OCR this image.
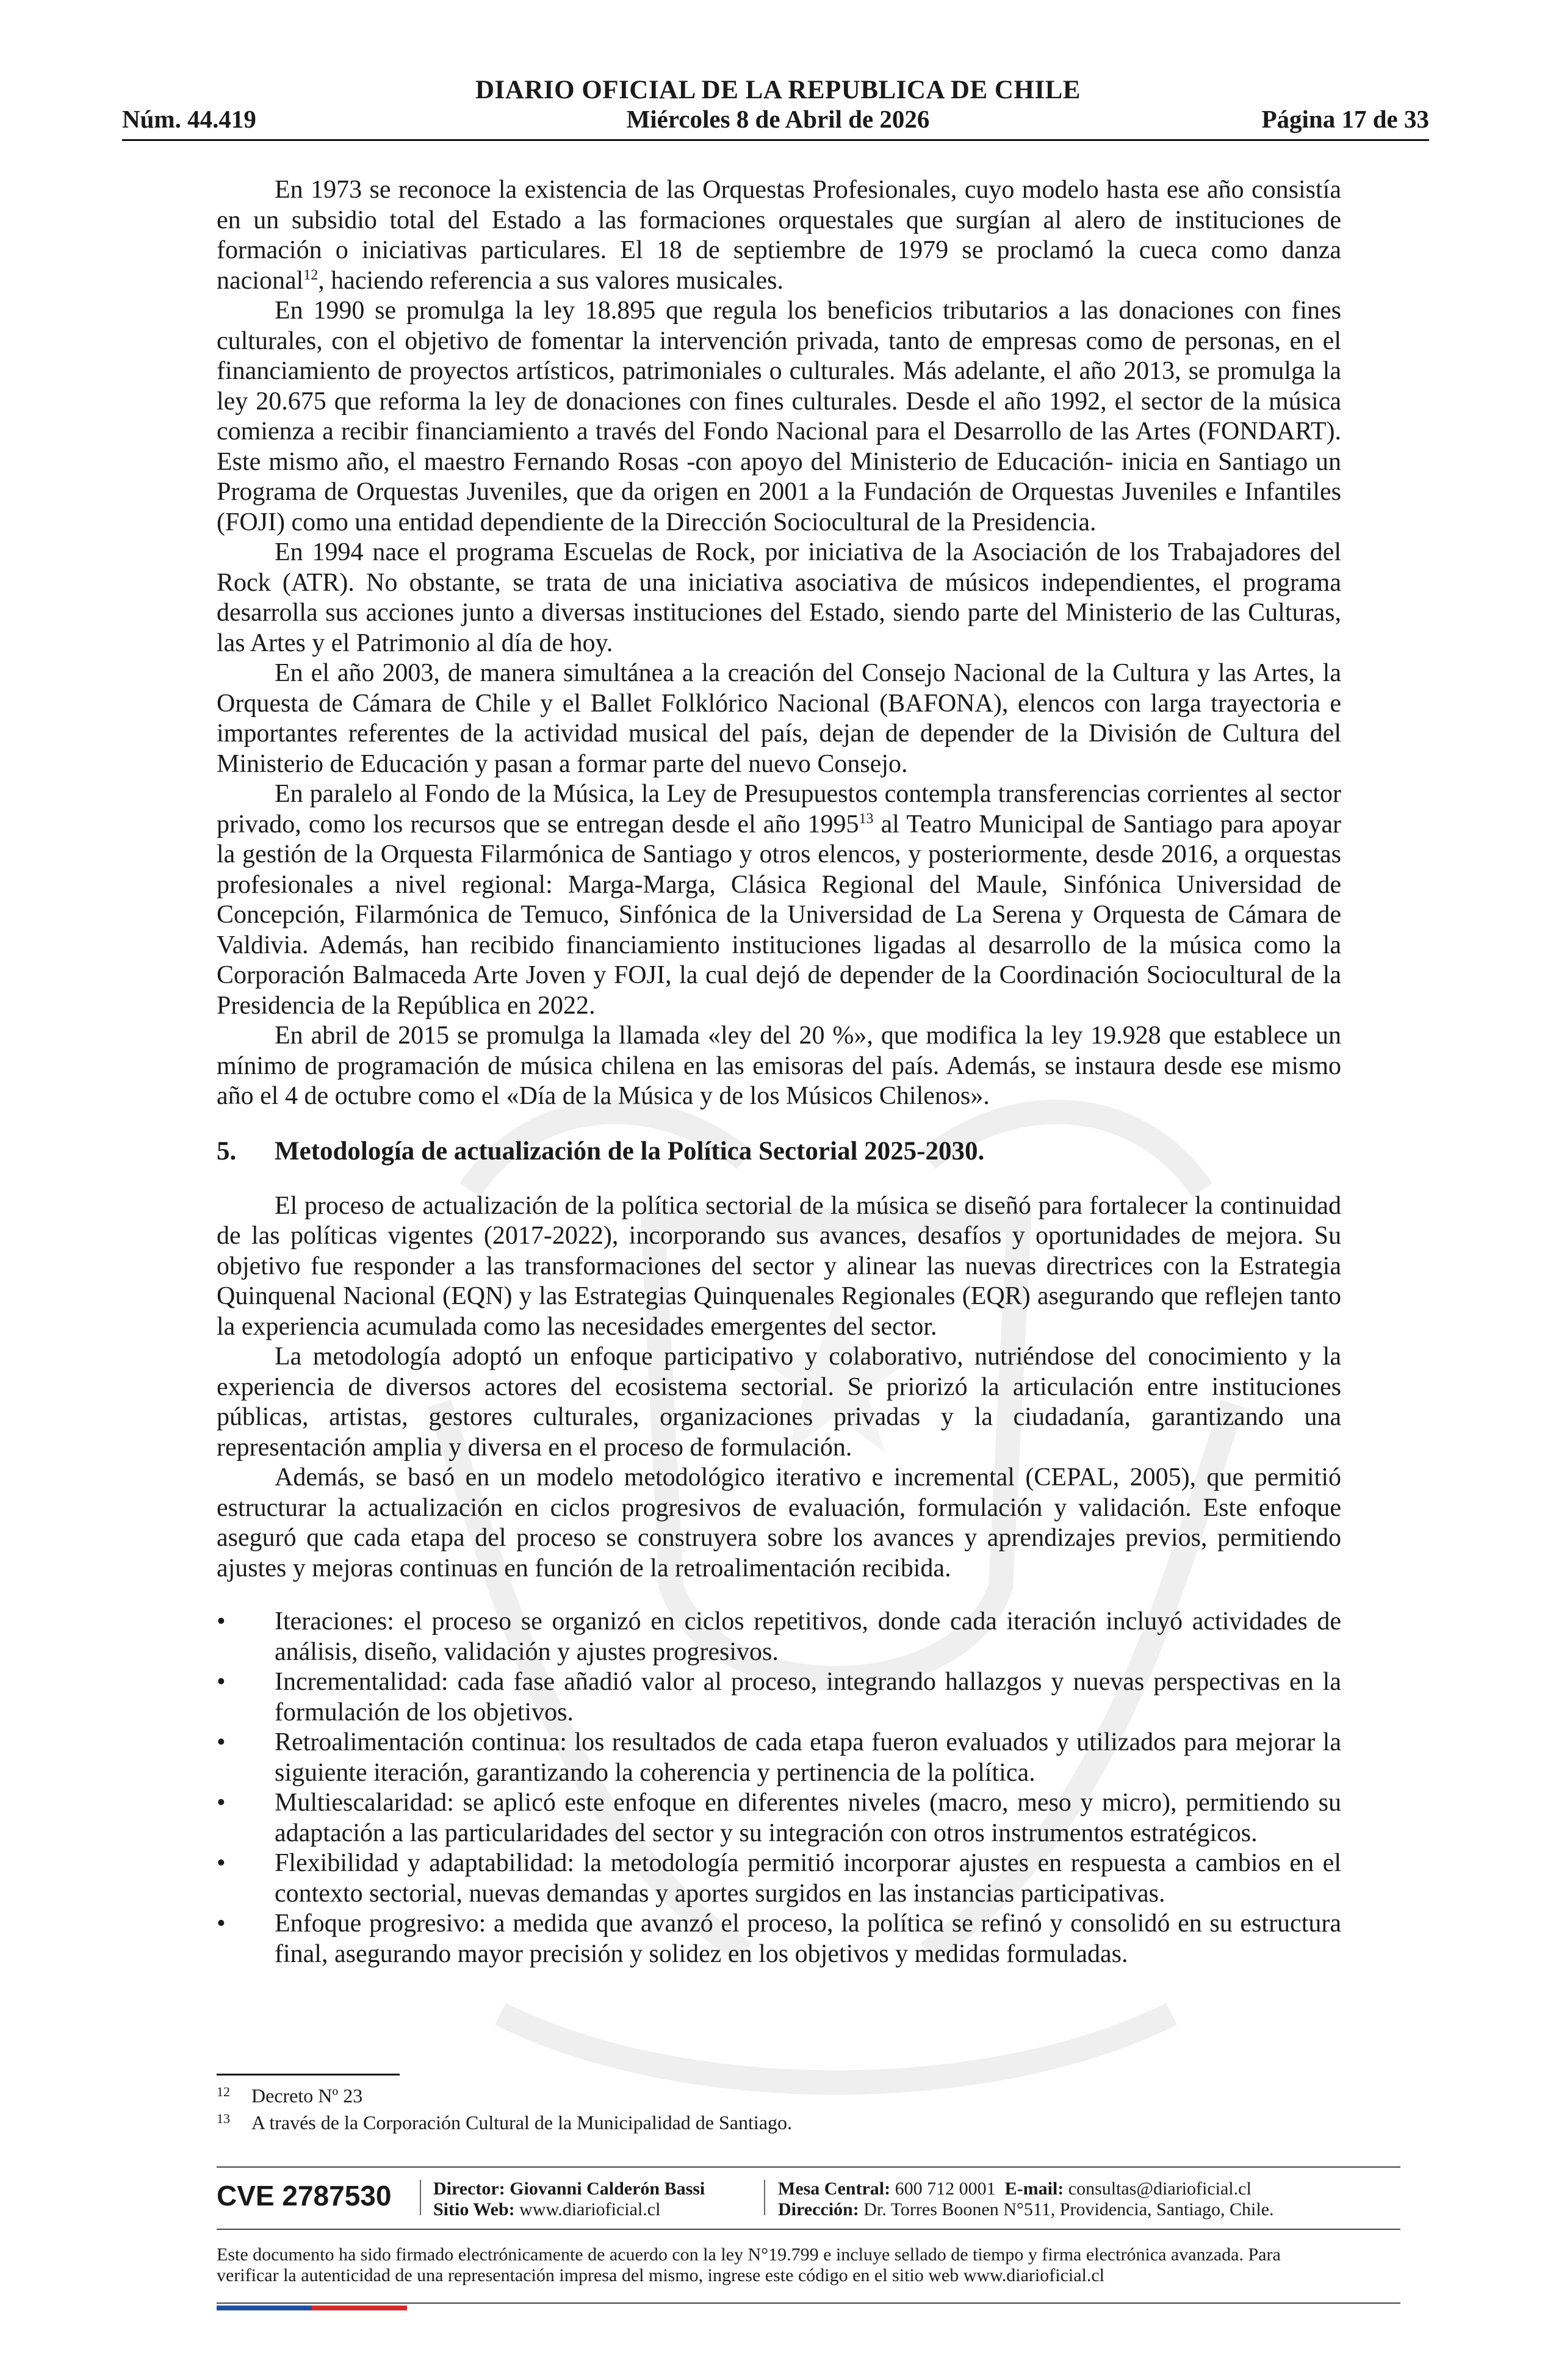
DIARIO OFICIAL DE LA REPUBLICA DE CHILE
Núm. 44.419	Miércoles 8 de Abril de 2026	Página 17 de 33

En 1973 se reconoce la existencia de las Orquestas Profesionales, cuyo modelo hasta ese año consistía en un subsidio total del Estado a las formaciones orquestales que surgían al alero de instituciones de formación o iniciativas particulares. El 18 de septiembre de 1979 se proclamó la cueca como danza nacional$^{12}$, haciendo referencia a sus valores musicales.

En 1990 se promulga la ley 18.895 que regula los beneficios tributarios a las donaciones con fines culturales, con el objetivo de fomentar la intervención privada, tanto de empresas como de personas, en el financiamiento de proyectos artísticos, patrimoniales o culturales. Más adelante, el año 2013, se promulga la ley 20.675 que reforma la ley de donaciones con fines culturales. Desde el año 1992, el sector de la música comienza a recibir financiamiento a través del Fondo Nacional para el Desarrollo de las Artes (FONDART). Este mismo año, el maestro Fernando Rosas -con apoyo del Ministerio de Educación- inicia en Santiago un Programa de Orquestas Juveniles, que da origen en 2001 a la Fundación de Orquestas Juveniles e Infantiles (FOJI) como una entidad dependiente de la Dirección Sociocultural de la Presidencia.

En 1994 nace el programa Escuelas de Rock, por iniciativa de la Asociación de los Trabajadores del Rock (ATR). No obstante, se trata de una iniciativa asociativa de músicos independientes, el programa desarrolla sus acciones junto a diversas instituciones del Estado, siendo parte del Ministerio de las Culturas, las Artes y el Patrimonio al día de hoy.

En el año 2003, de manera simultánea a la creación del Consejo Nacional de la Cultura y las Artes, la Orquesta de Cámara de Chile y el Ballet Folklórico Nacional (BAFONA), elencos con larga trayectoria e importantes referentes de la actividad musical del país, dejan de depender de la División de Cultura del Ministerio de Educación y pasan a formar parte del nuevo Consejo.

En paralelo al Fondo de la Música, la Ley de Presupuestos contempla transferencias corrientes al sector privado, como los recursos que se entregan desde el año 1995$^{13}$ al Teatro Municipal de Santiago para apoyar la gestión de la Orquesta Filarmónica de Santiago y otros elencos, y posteriormente, desde 2016, a orquestas profesionales a nivel regional: Marga-Marga, Clásica Regional del Maule, Sinfónica Universidad de Concepción, Filarmónica de Temuco, Sinfónica de la Universidad de La Serena y Orquesta de Cámara de Valdivia. Además, han recibido financiamiento instituciones ligadas al desarrollo de la música como la Corporación Balmaceda Arte Joven y FOJI, la cual dejó de depender de la Coordinación Sociocultural de la Presidencia de la República en 2022.

En abril de 2015 se promulga la llamada «ley del 20 %», que modifica la ley 19.928 que establece un mínimo de programación de música chilena en las emisoras del país. Además, se instaura desde ese mismo año el 4 de octubre como el «Día de la Música y de los Músicos Chilenos».

5. Metodología de actualización de la Política Sectorial 2025-2030.

El proceso de actualización de la política sectorial de la música se diseñó para fortalecer la continuidad de las políticas vigentes (2017-2022), incorporando sus avances, desafíos y oportunidades de mejora. Su objetivo fue responder a las transformaciones del sector y alinear las nuevas directrices con la Estrategia Quinquenal Nacional (EQN) y las Estrategias Quinquenales Regionales (EQR) asegurando que reflejen tanto la experiencia acumulada como las necesidades emergentes del sector.

La metodología adoptó un enfoque participativo y colaborativo, nutriéndose del conocimiento y la experiencia de diversos actores del ecosistema sectorial. Se priorizó la articulación entre instituciones públicas, artistas, gestores culturales, organizaciones privadas y la ciudadanía, garantizando una representación amplia y diversa en el proceso de formulación.

Además, se basó en un modelo metodológico iterativo e incremental (CEPAL, 2005), que permitió estructurar la actualización en ciclos progresivos de evaluación, formulación y validación. Este enfoque aseguró que cada etapa del proceso se construyera sobre los avances y aprendizajes previos, permitiendo ajustes y mejoras continuas en función de la retroalimentación recibida.

• Iteraciones: el proceso se organizó en ciclos repetitivos, donde cada iteración incluyó actividades de análisis, diseño, validación y ajustes progresivos.
• Incrementalidad: cada fase añadió valor al proceso, integrando hallazgos y nuevas perspectivas en la formulación de los objetivos.
• Retroalimentación continua: los resultados de cada etapa fueron evaluados y utilizados para mejorar la siguiente iteración, garantizando la coherencia y pertinencia de la política.
• Multiescalaridad: se aplicó este enfoque en diferentes niveles (macro, meso y micro), permitiendo su adaptación a las particularidades del sector y su integración con otros instrumentos estratégicos.
• Flexibilidad y adaptabilidad: la metodología permitió incorporar ajustes en respuesta a cambios en el contexto sectorial, nuevas demandas y aportes surgidos en las instancias participativas.
• Enfoque progresivo: a medida que avanzó el proceso, la política se refinó y consolidó en su estructura final, asegurando mayor precisión y solidez en los objetivos y medidas formuladas.
12 Decreto Nº 23
13 A través de la Corporación Cultural de la Municipalidad de Santiago.
CVE 2787530 Director: Giovanni Calderón Bassi
Sitio Web: www.diarioficial.cl
Mesa Central: 600 712 0001 E-mail: consultas@diarioficial.cl
Dirección: Dr. Torres Boonen N°511, Providencia, Santiago, Chile.
Este documento ha sido firmado electrónicamente de acuerdo con la ley N°19.799 e incluye sellado de tiempo y firma electrónica avanzada. Para verificar la autenticidad de una representación impresa del mismo, ingrese este código en el sitio web www.diarioficial.cl
